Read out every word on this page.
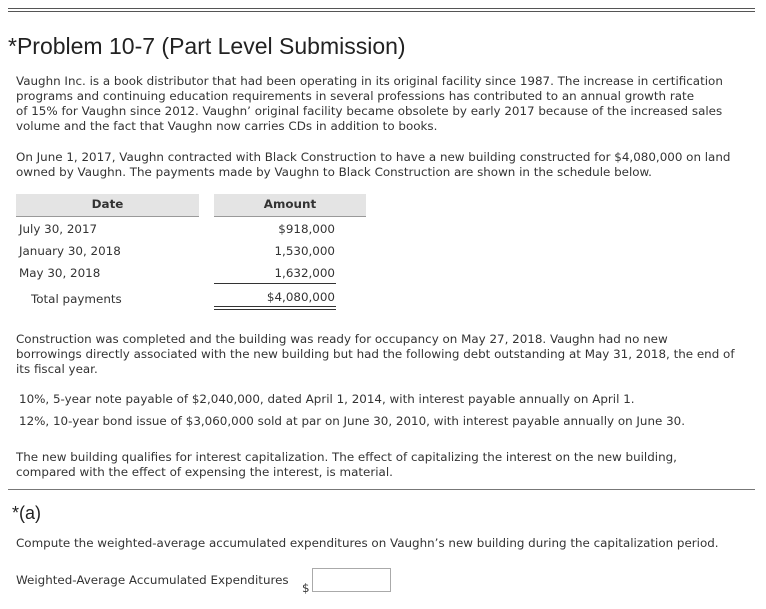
*Problem 10-7 (Part Level Submission)
Vaughn Inc. is a book distributor that had been operating in its original facility since 1987. The increase in certification
programs and continuing education requirements in several professions has contributed to an annual growth rate
of 15% for Vaughn since 2012. Vaughn’ original facility became obsolete by early 2017 because of the increased sales
volume and the fact that Vaughn now carries CDs in addition to books.
On June 1, 2017, Vaughn contracted with Black Construction to have a new building constructed for $4,080,000 on land
owned by Vaughn. The payments made by Vaughn to Black Construction are shown in the schedule below.
Date	Amount
July 30, 2017	$918,000
January 30, 2018	1,530,000
May 30, 2018	1,632,000
Total payments	$4,080,000
Construction was completed and the building was ready for occupancy on May 27, 2018. Vaughn had no new
borrowings directly associated with the new building but had the following debt outstanding at May 31, 2018, the end of
its fiscal year.
10%, 5-year note payable of $2,040,000, dated April 1, 2014, with interest payable annually on April 1.
12%, 10-year bond issue of $3,060,000 sold at par on June 30, 2010, with interest payable annually on June 30.
The new building qualifies for interest capitalization. The effect of capitalizing the interest on the new building,
compared with the effect of expensing the interest, is material.
*(a)
Compute the weighted-average accumulated expenditures on Vaughn’s new building during the capitalization period.
Weighted-Average Accumulated Expenditures
$
